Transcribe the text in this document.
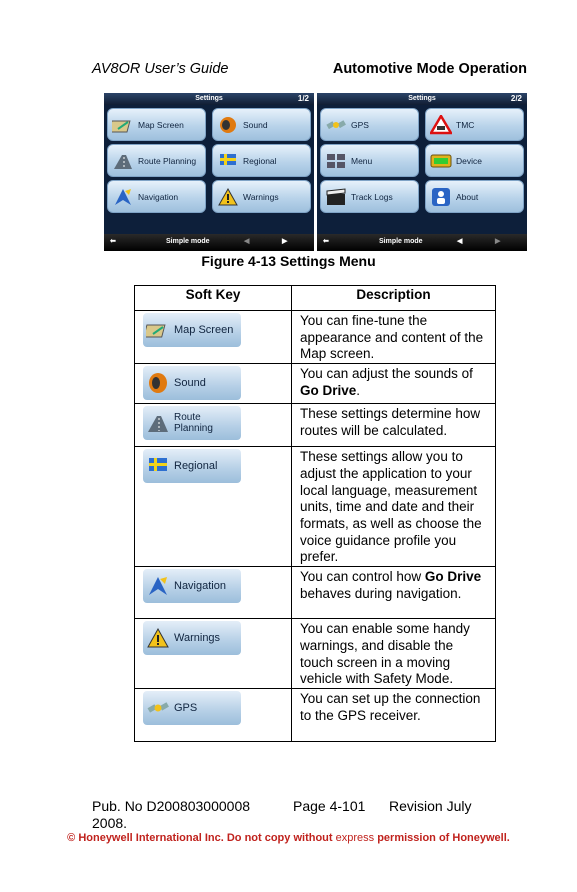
AV8OR User’s Guide	Automotive Mode Operation
Settings	1/2
Map Screen	Sound
Route Planning	Regional
Navigation	Warnings
⬅	Simple mode	◀	▶
Settings	2/2
GPS	TMC
Menu	Device
Track Logs	About
⬅	Simple mode	◀	▶
Figure 4-13 Settings Menu
Soft Key	Description

Map Screen	You can fine-tune the appearance and content of the Map screen.

Sound	You can adjust the sounds of Go Drive.

Route Planning	These settings determine how routes will be calculated.

Regional	These settings allow you to adjust the application to your local language, measurement units, time and date and their formats, as well as choose the voice guidance profile you prefer.

Navigation	You can control how Go Drive behaves during navigation.

Warnings	You can enable some handy warnings, and disable the touch screen in a moving vehicle with Safety Mode.

GPS	You can set up the connection to the GPS receiver.
Pub. No D200803000008	Page 4-101 Revision July
2008.
© Honeywell International Inc. Do not copy without express permission of Honeywell.
